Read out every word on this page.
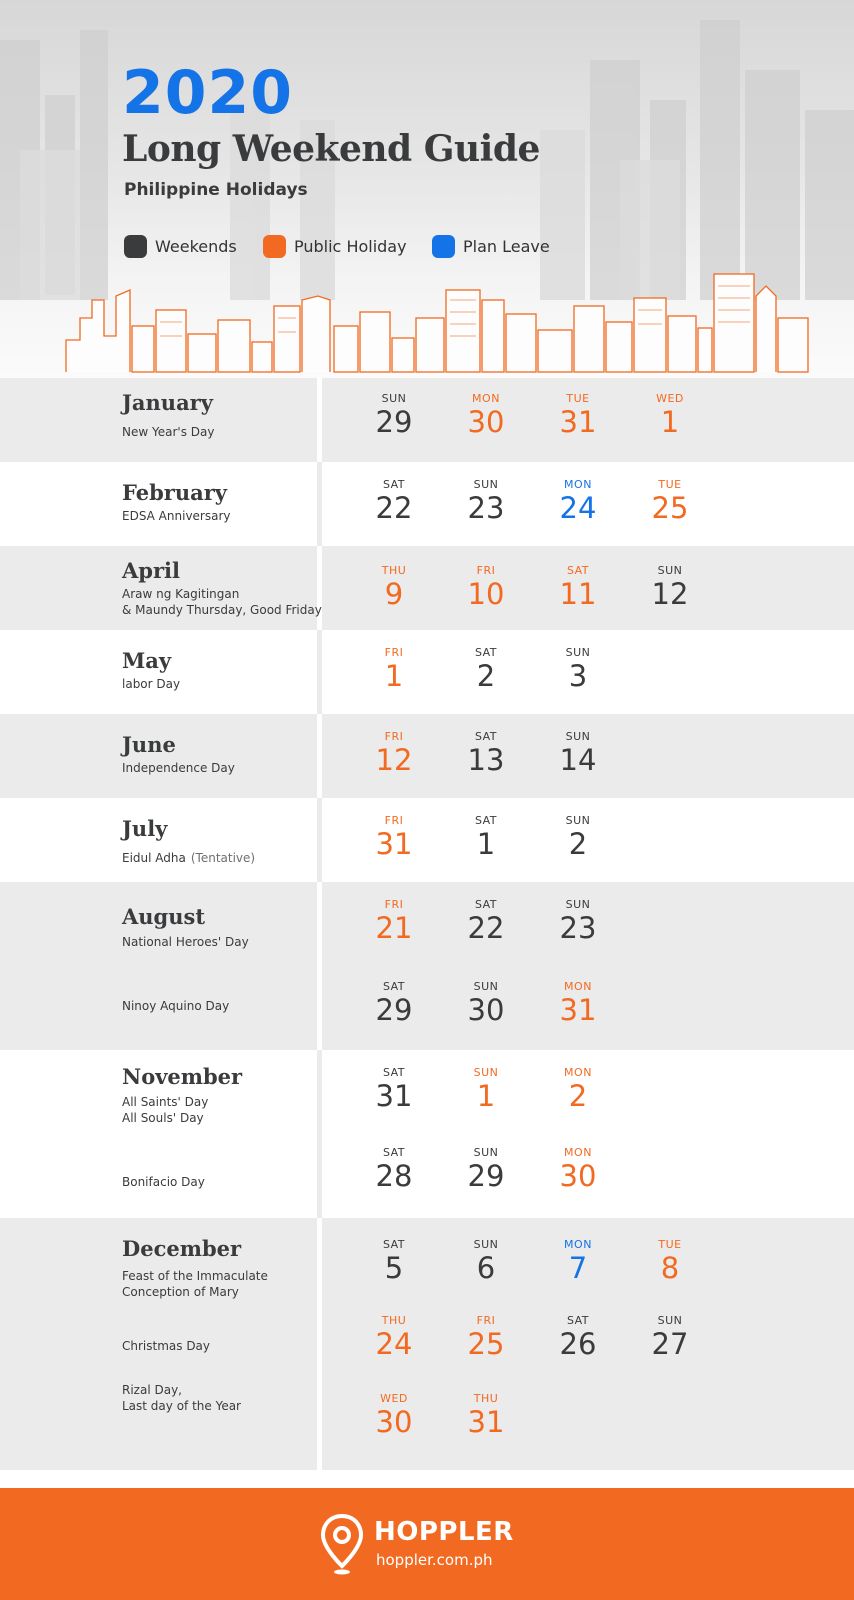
2020
Long Weekend Guide
Philippine Holidays
Weekends	Public Holiday	Plan Leave
January
New Year's Day
SUN
29
MON
30
TUE
31
WED
1
February
EDSA Anniversary
SAT
22
SUN
23
MON
24
TUE
25
April
Araw ng Kagitingan
& Maundy Thursday, Good Friday
THU
9
FRI
10
SAT
11
SUN
12
May
labor Day
FRI
1
SAT
2
SUN
3
June
Independence Day
FRI
12
SAT
13
SUN
14
July
Eidul Adha (Tentative)
FRI
31
SAT
1
SUN
2
August
National Heroes' Day
FRI
21
SAT
22
SUN
23
Ninoy Aquino Day
SAT
29
SUN
30
MON
31
November
All Saints' Day
All Souls' Day
SAT
31
SUN
1
MON
2
Bonifacio Day
SAT
28
SUN
29
MON
30
December
Feast of the Immaculate
Conception of Mary
SAT
5
SUN
6
MON
7
TUE
8
Christmas Day
THU
24
FRI
25
SAT
26
SUN
27
Rizal Day,
Last day of the Year
WED
30
THU
31
HOPPLER
hoppler.com.ph
